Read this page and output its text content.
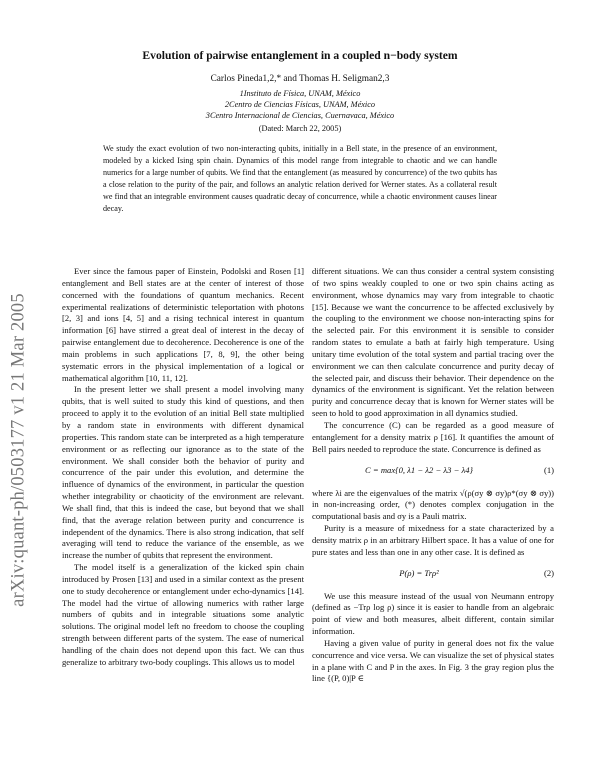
arXiv:quant-ph/0503177 v1 21 Mar 2005
Evolution of pairwise entanglement in a coupled n−body system
Carlos Pineda1,2,* and Thomas H. Seligman2,3
1Instituto de Física, UNAM, México
2Centro de Ciencias Físicas, UNAM, México
3Centro Internacional de Ciencias, Cuernavaca, México
(Dated: March 22, 2005)
We study the exact evolution of two non-interacting qubits, initially in a Bell state, in the presence of an environment, modeled by a kicked Ising spin chain. Dynamics of this model range from integrable to chaotic and we can handle numerics for a large number of qubits. We find that the entanglement (as measured by concurrence) of the two qubits has a close relation to the purity of the pair, and follows an analytic relation derived for Werner states. As a collateral result we find that an integrable environment causes quadratic decay of concurrence, while a chaotic environment causes linear decay.

Ever since the famous paper of Einstein, Podolski and Rosen [1] entanglement and Bell states are at the center of interest of those concerned with the foundations of quantum mechanics. Recent experimental realizations of deterministic teleportation with photons [2, 3] and ions [4, 5] and a rising technical interest in quantum information [6] have stirred a great deal of interest in the decay of pairwise entanglement due to decoherence. Decoherence is one of the main problems in such applications [7, 8, 9], the other being systematic errors in the physical implementation of a logical or mathematical algorithm [10, 11, 12].

In the present letter we shall present a model involving many qubits, that is well suited to study this kind of questions, and then proceed to apply it to the evolution of an initial Bell state multiplied by a random state in environments with different dynamical properties. This random state can be interpreted as a high temperature environment or as reflecting our ignorance as to the state of the environment. We shall consider both the behavior of purity and concurrence of the pair under this evolution, and determine the influence of dynamics of the environment, in particular the question whether integrability or chaoticity of the environment are relevant. We shall find, that this is indeed the case, but beyond that we shall find, that the average relation between purity and concurrence is independent of the dynamics. There is also strong indication, that self averaging will tend to reduce the variance of the ensemble, as we increase the number of qubits that represent the environment.

The model itself is a generalization of the kicked spin chain introduced by Prosen [13] and used in a similar context as the present one to study decoherence or entanglement under echo-dynamics [14]. The model had the virtue of allowing numerics with rather large numbers of qubits and in integrable situations some analytic solutions. The original model left no freedom to choose the coupling strength between different parts of the system. The ease of numerical handling of the chain does not depend upon this fact. We can thus generalize to arbitrary two-body couplings. This allows us to model

different situations. We can thus consider a central system consisting of two spins weakly coupled to one or two spin chains acting as environment, whose dynamics may vary from integrable to chaotic [15]. Because we want the concurrence to be affected exclusively by the coupling to the environment we choose non-interacting spins for the selected pair. For this environment it is sensible to consider random states to emulate a bath at fairly high temperature. Using unitary time evolution of the total system and partial tracing over the environment we can then calculate concurrence and purity decay of the selected pair, and discuss their behavior. Their dependence on the dynamics of the environment is significant. Yet the relation between purity and concurrence decay that is known for Werner states will be seen to hold to good approximation in all dynamics studied.

The concurrence (C) can be regarded as a good measure of entanglement for a density matrix ρ [16]. It quantifies the amount of Bell pairs needed to reproduce the state. Concurrence is defined as

C = max{0, λ1 − λ2 − λ3 − λ4}	(1)

where λi are the eigenvalues of the matrix √(ρ(σy ⊗ σy)ρ*(σy ⊗ σy)) in non-increasing order, (*) denotes complex conjugation in the computational basis and σy is a Pauli matrix.

Purity is a measure of mixedness for a state characterized by a density matrix ρ in an arbitrary Hilbert space. It has a value of one for pure states and less than one in any other case. It is defined as

P(ρ) = Trρ²	(2)

We use this measure instead of the usual von Neumann entropy (defined as −Trρ log ρ) since it is easier to handle from an algebraic point of view and both measures, albeit different, contain similar information.

Having a given value of purity in general does not fix the value concurrence and vice versa. We can visualize the set of physical states in a plane with C and P in the axes. In Fig. 3 the gray region plus the line {(P, 0)|P ∈
